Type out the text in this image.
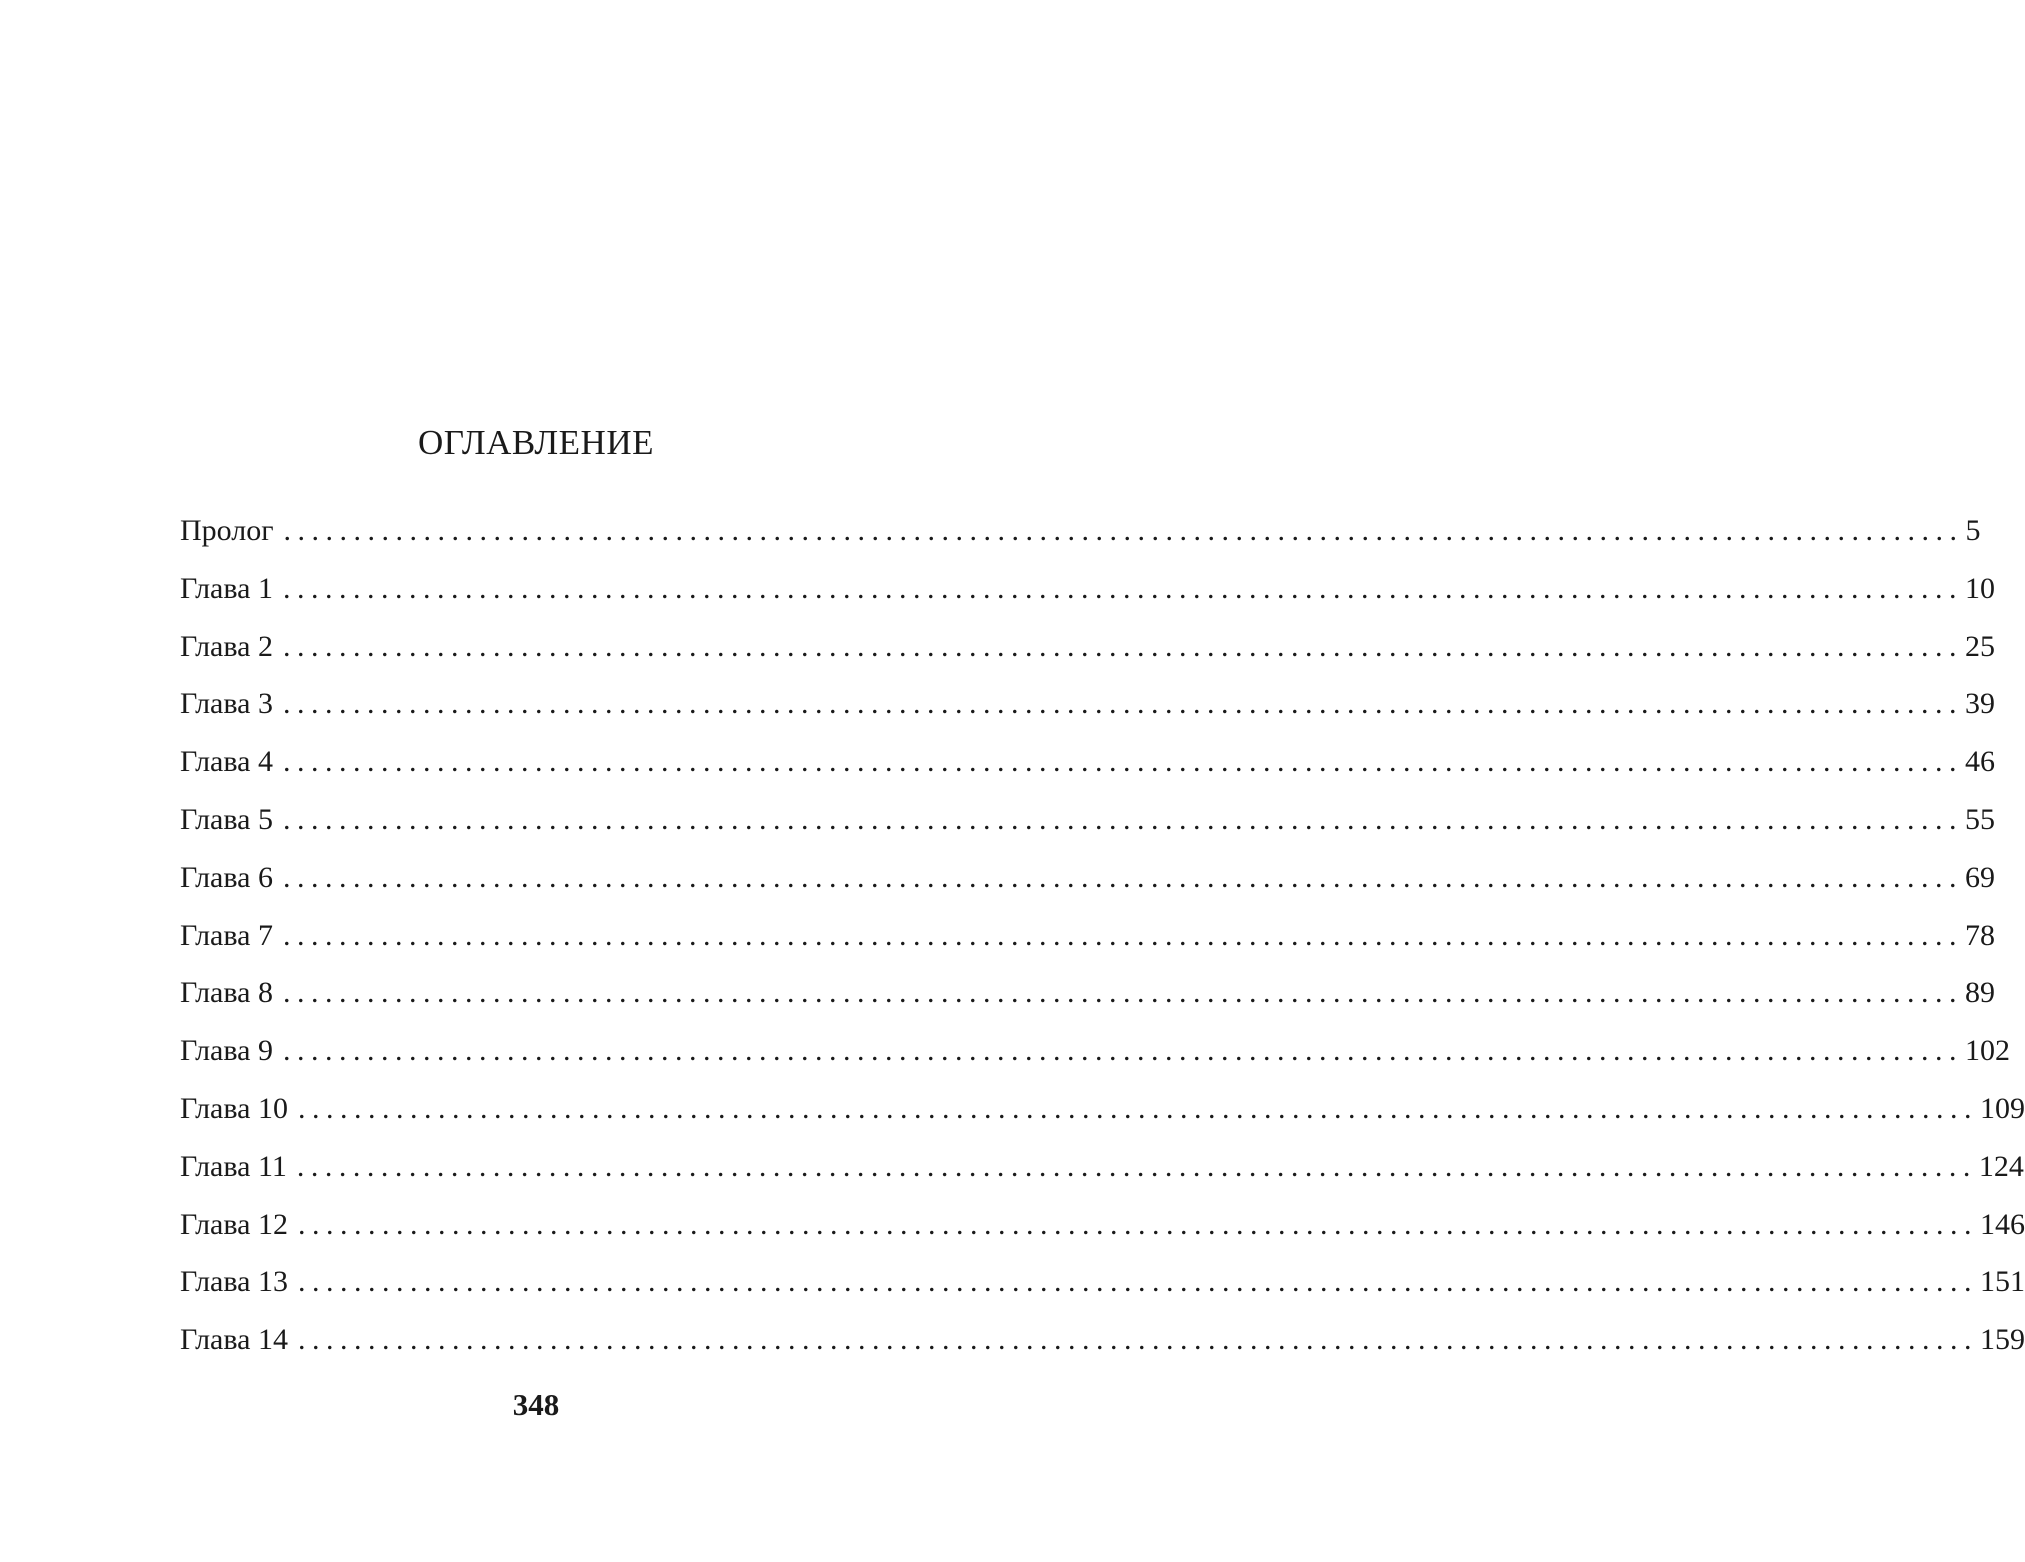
ОГЛАВЛЕНИЕ
Пролог ........................................................................................................................ 5
Глава 1 ........................................................................................................................ 10
Глава 2 ........................................................................................................................ 25
Глава 3 ........................................................................................................................ 39
Глава 4 ........................................................................................................................ 46
Глава 5 ........................................................................................................................ 55
Глава 6 ........................................................................................................................ 69
Глава 7 ........................................................................................................................ 78
Глава 8 ........................................................................................................................ 89
Глава 9 ........................................................................................................................ 102
Глава 10 ........................................................................................................................ 109
Глава 11 ........................................................................................................................ 124
Глава 12 ........................................................................................................................ 146
Глава 13 ........................................................................................................................ 151
Глава 14 ........................................................................................................................ 159
348
